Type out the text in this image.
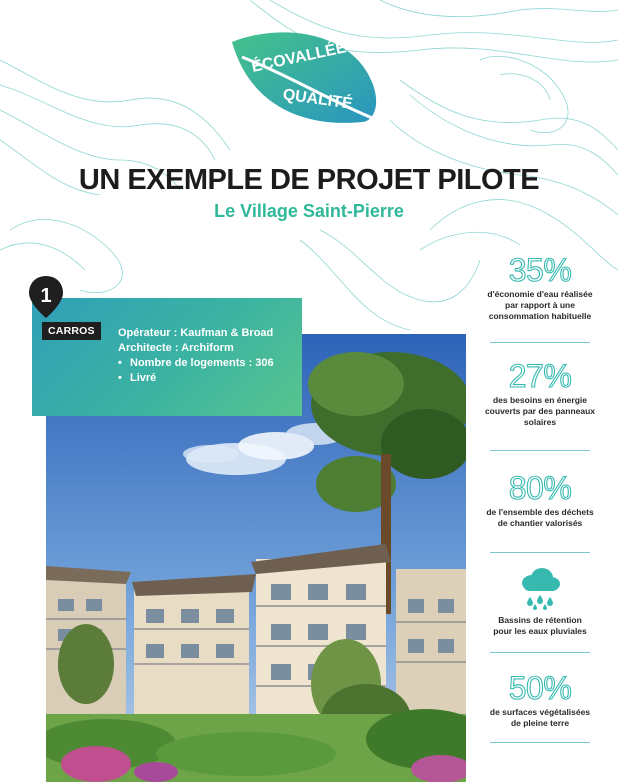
ÉCOVALLÉE
QUALITÉ
UN EXEMPLE DE PROJET PILOTE
Le Village Saint-Pierre
1
CARROS	Opérateur : Kaufman & Broad
Architecte : Archiform
• Nombre de logements : 306
• Livré
35%
d'économie d'eau réalisée
par rapport à une
consommation habituelle
27%
des besoins en énergie
couverts par des panneaux
solaires
80%
de l'ensemble des déchets
de chantier valorisés
Bassins de rétention
pour les eaux pluviales
50%
de surfaces végétalisées
de pleine terre
